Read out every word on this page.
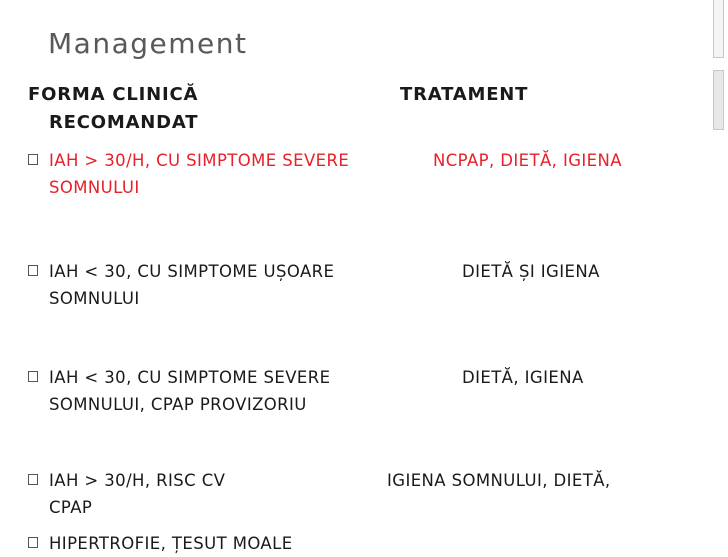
Management
FORMA CLINICĂ	TRATAMENT
RECOMANDAT
IAH > 30/H, CU SIMPTOME SEVERE	NCPAP, DIETĂ, IGIENA
SOMNULUI
IAH < 30, CU SIMPTOME UȘOARE	DIETĂ ȘI IGIENA
SOMNULUI
IAH < 30, CU SIMPTOME SEVERE	DIETĂ, IGIENA
SOMNULUI, CPAP PROVIZORIU
IAH > 30/H, RISC CV	IGIENA SOMNULUI, DIETĂ,
CPAP
HIPERTROFIE, ȚESUT MOALE
